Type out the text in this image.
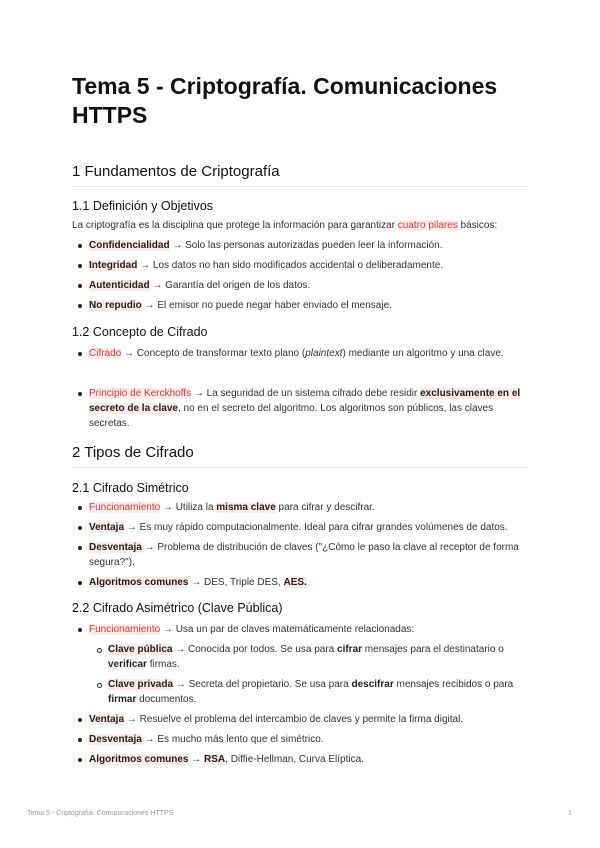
Tema 5 - Criptografía. Comunicaciones HTTPS
1 Fundamentos de Criptografía
1.1 Definición y Objetivos

La criptografía es la disciplina que protege la información para garantizar cuatro pilares básicos:

Confidencialidad → Solo las personas autorizadas pueden leer la información.
Integridad → Los datos no han sido modificados accidental o deliberadamente.
Autenticidad → Garantía del origen de los datos.
No repudio → El emisor no puede negar haber enviado el mensaje.
1.2 Concepto de Cifrado
Cifrado → Concepto de transformar texto plano (plaintext) mediante un algoritmo y una clave.
Principio de Kerckhoffs → La seguridad de un sistema cifrado debe residir exclusivamente en el secreto de la clave, no en el secreto del algoritmo. Los algoritmos son públicos, las claves secretas.
2 Tipos de Cifrado
2.1 Cifrado Simétrico
Funcionamiento → Utiliza la misma clave para cifrar y descifrar.
Ventaja → Es muy rápido computacionalmente. Ideal para cifrar grandes volúmenes de datos.
Desventaja → Problema de distribución de claves ("¿Cómo le paso la clave al receptor de forma segura?").
Algoritmos comunes → DES, Triple DES, AES.
2.2 Cifrado Asimétrico (Clave Pública)
Funcionamiento → Usa un par de claves matemáticamente relacionadas:
Clave pública → Conocida por todos. Se usa para cifrar mensajes para el destinatario o verificar firmas.
Clave privada → Secreta del propietario. Se usa para descifrar mensajes recibidos o para firmar documentos.
Ventaja → Resuelve el problema del intercambio de claves y permite la firma digital.
Desventaja → Es mucho más lento que el simétrico.
Algoritmos comunes → RSA, Diffie-Hellman, Curva Elíptica.
Tema 5 - Criptografía. Comunicaciones HTTPS	1
